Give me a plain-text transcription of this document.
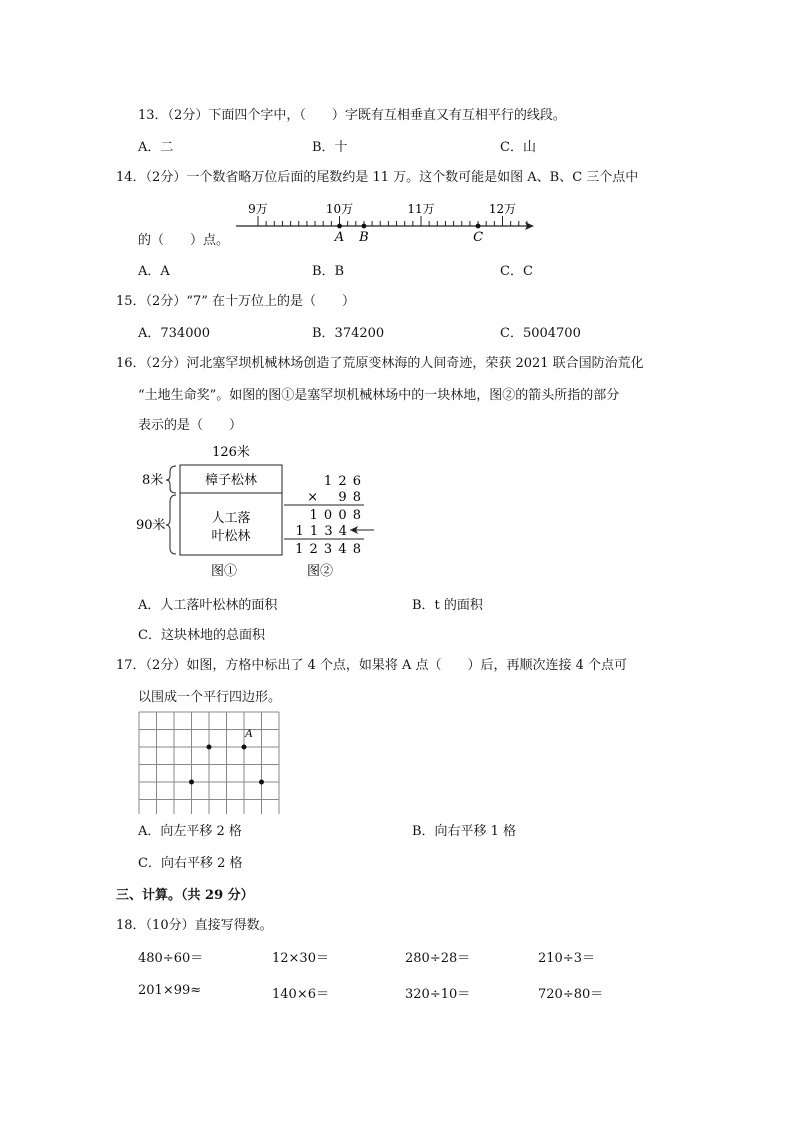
13．（2分）下面四个字中，（　　）字既有互相垂直又有互相平行的线段。
A．二	B．十	C．山
14．（2分）一个数省略万位后面的尾数约是 11 万。这个数可能是如图 A、B、C 三个点中
的（　　）点。
9万	10万	11万	12万
A B	C
A．A	B．B	C．C
15．（2分）“7” 在十万位上的是（　　）
A．734000	B．374200	C．5004700
16．（2分）河北塞罕坝机械林场创造了荒原变林海的人间奇迹，荣获 2021 联合国防治荒化
“土地生命奖”。如图的图①是塞罕坝机械林场中的一块林地，图②的箭头所指的部分
表示的是（　　）
126米
樟子松林
人工落
叶松林
8米
90米
图①
1 2 6
× 　9 8
1 0 0 8
1 1 3 4
1 2 3 4 8
图②
A．人工落叶松林的面积	B．t 的面积
C．这块林地的总面积
17．（2分）如图，方格中标出了 4 个点，如果将 A 点（　　）后，再顺次连接 4 个点可
以围成一个平行四边形。
A
A．向左平移 2 格	B．向右平移 1 格
C．向右平移 2 格
三、计算。（共 29 分）
18．（10分）直接写得数。
480÷60＝	12×30＝	280÷28＝	210÷3＝
201×99≈	140×6＝	320÷10＝	720÷80＝
